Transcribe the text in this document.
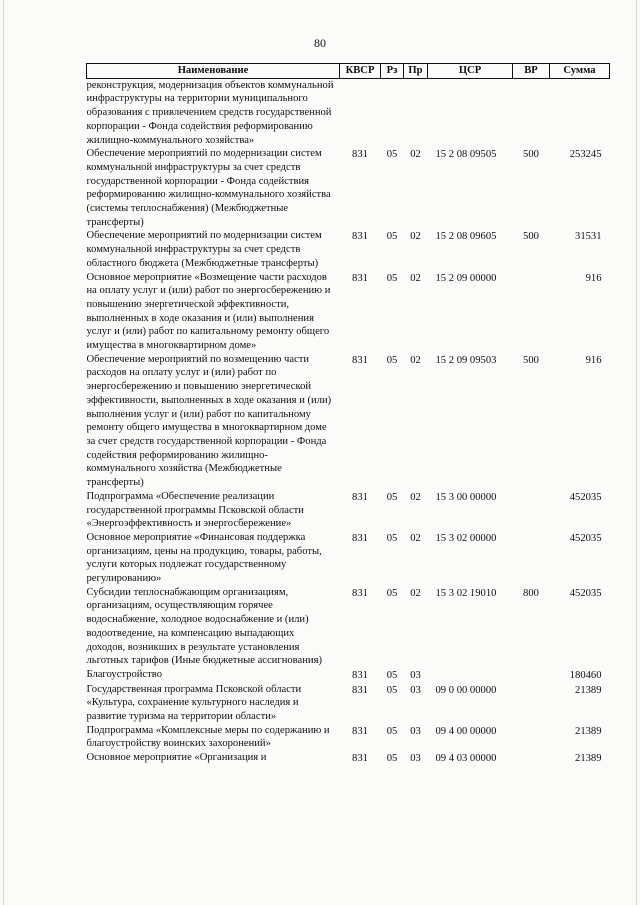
80
Наименование	КВСР	Рз	Пр	ЦСР	ВР	Сумма
реконструкция, модернизация объектов коммунальной инфраструктуры на территории муниципального образования с привлечением средств государственной корпорации - Фонда содействия реформированию жилищно-коммунального хозяйства»						
Обеспечение мероприятий по модернизации систем коммунальной инфраструктуры за счет средств государственной корпорации - Фонда содействия реформированию жилищно-коммунального хозяйства (системы теплоснабжения) (Межбюджетные трансферты)	831	05	02	15 2 08 09505	500	253245
Обеспечение мероприятий по модернизации систем коммунальной инфраструктуры за счет средств областного бюджета (Межбюджетные трансферты)	831	05	02	15 2 08 09605	500	31531
Основное мероприятие «Возмещение части расходов на оплату услуг и (или) работ по энергосбережению и повышению энергетической эффективности, выполненных в ходе оказания и (или) выполнения услуг и (или) работ по капитальному ремонту общего имущества в многоквартирном доме»	831	05	02	15 2 09 00000		916
Обеспечение мероприятий по возмещению части расходов на оплату услуг и (или) работ по энергосбережению и повышению энергетической эффективности, выполненных в ходе оказания и (или) выполнения услуг и (или) работ по капитальному ремонту общего имущества в многоквартирном доме за счет средств государственной корпорации - Фонда содействия реформированию жилищно-коммунального хозяйства (Межбюджетные трансферты)	831	05	02	15 2 09 09503	500	916
Подпрограмма «Обеспечение реализации государственной программы Псковской области «Энергоэффективность и энергосбережение»	831	05	02	15 3 00 00000		452035
Основное мероприятие «Финансовая поддержка организациям, цены на продукцию, товары, работы, услуги которых подлежат государственному регулированию»	831	05	02	15 3 02 00000		452035
Субсидии теплоснабжающим организациям, организациям, осуществляющим горячее водоснабжение, холодное водоснабжение и (или) водоотведение, на компенсацию выпадающих доходов, возникших в результате установления льготных тарифов (Иные бюджетные ассигнования)	831	05	02	15 3 02 19010	800	452035
Благоустройство	831	05	03			180460
Государственная программа Псковской области «Культура, сохранение культурного наследия и развитие туризма на территории области»	831	05	03	09 0 00 00000		21389
Подпрограмма «Комплексные меры по содержанию и благоустройству воинских захоронений»	831	05	03	09 4 00 00000		21389
Основное мероприятие «Организация и	831	05	03	09 4 03 00000		21389
